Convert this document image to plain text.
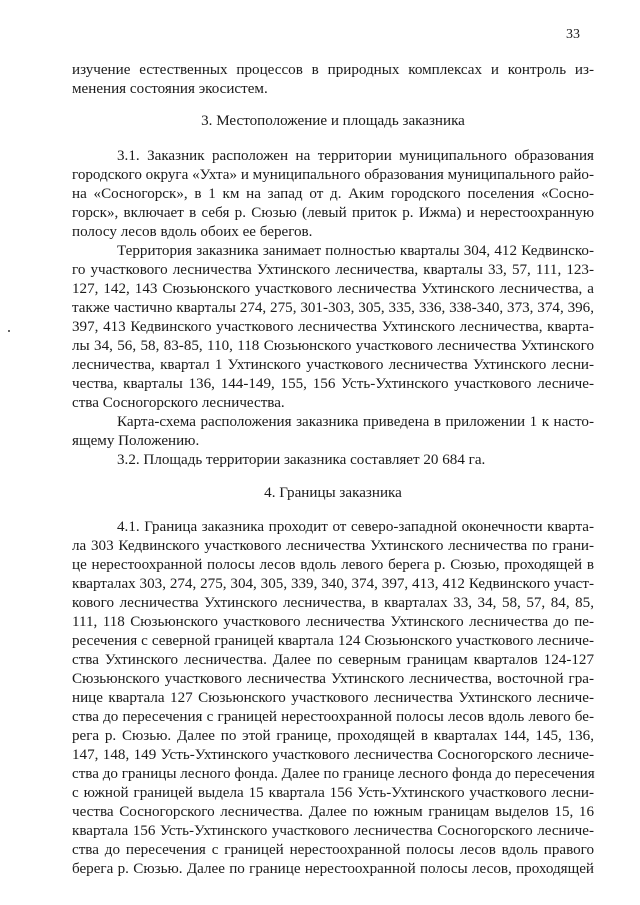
33
изучение естественных процессов в природных комплексах и контроль из-
менения состояния экосистем.
3. Местоположение и площадь заказника
3.1. Заказник расположен на территории муниципального образования
городского округа «Ухта» и муниципального образования муниципального райо-
на «Сосногорск», в 1 км на запад от д. Аким городского поселения «Сосно-
горск», включает в себя р. Сюзью (левый приток р. Ижма) и нерестоохранную
полосу лесов вдоль обоих ее берегов.
Территория заказника занимает полностью кварталы 304, 412 Кедвинско-
го участкового лесничества Ухтинского лесничества, кварталы 33, 57, 111, 123-
127, 142, 143 Сюзьюнского участкового лесничества Ухтинского лесничества, а
также частично кварталы 274, 275, 301-303, 305, 335, 336, 338-340, 373, 374, 396,
397, 413 Кедвинского участкового лесничества Ухтинского лесничества, кварта-
лы 34, 56, 58, 83-85, 110, 118 Сюзьюнского участкового лесничества Ухтинского
лесничества, квартал 1 Ухтинского участкового лесничества Ухтинского лесни-
чества, кварталы 136, 144-149, 155, 156 Усть-Ухтинского участкового лесниче-
ства Сосногорского лесничества.
Карта-схема расположения заказника приведена в приложении 1 к насто-
ящему Положению.
3.2. Площадь территории заказника составляет 20 684 га.
4. Границы заказника
4.1. Граница заказника проходит от северо-западной оконечности кварта-
ла 303 Кедвинского участкового лесничества Ухтинского лесничества по грани-
це нерестоохранной полосы лесов вдоль левого берега р. Сюзью, проходящей в
кварталах 303, 274, 275, 304, 305, 339, 340, 374, 397, 413, 412 Кедвинского участ-
кового лесничества Ухтинского лесничества, в кварталах 33, 34, 58, 57, 84, 85,
111, 118 Сюзьюнского участкового лесничества Ухтинского лесничества до пе-
ресечения с северной границей квартала 124 Сюзьюнского участкового лесниче-
ства Ухтинского лесничества. Далее по северным границам кварталов 124-127
Сюзьюнского участкового лесничества Ухтинского лесничества, восточной гра-
нице квартала 127 Сюзьюнского участкового лесничества Ухтинского лесниче-
ства до пересечения с границей нерестоохранной полосы лесов вдоль левого бе-
рега р. Сюзью. Далее по этой границе, проходящей в кварталах 144, 145, 136,
147, 148, 149 Усть-Ухтинского участкового лесничества Сосногорского лесниче-
ства до границы лесного фонда. Далее по границе лесного фонда до пересечения
с южной границей выдела 15 квартала 156 Усть-Ухтинского участкового лесни-
чества Сосногорского лесничества. Далее по южным границам выделов 15, 16
квартала 156 Усть-Ухтинского участкового лесничества Сосногорского лесниче-
ства до пересечения с границей нерестоохранной полосы лесов вдоль правого
берега р. Сюзью. Далее по границе нерестоохранной полосы лесов, проходящей
